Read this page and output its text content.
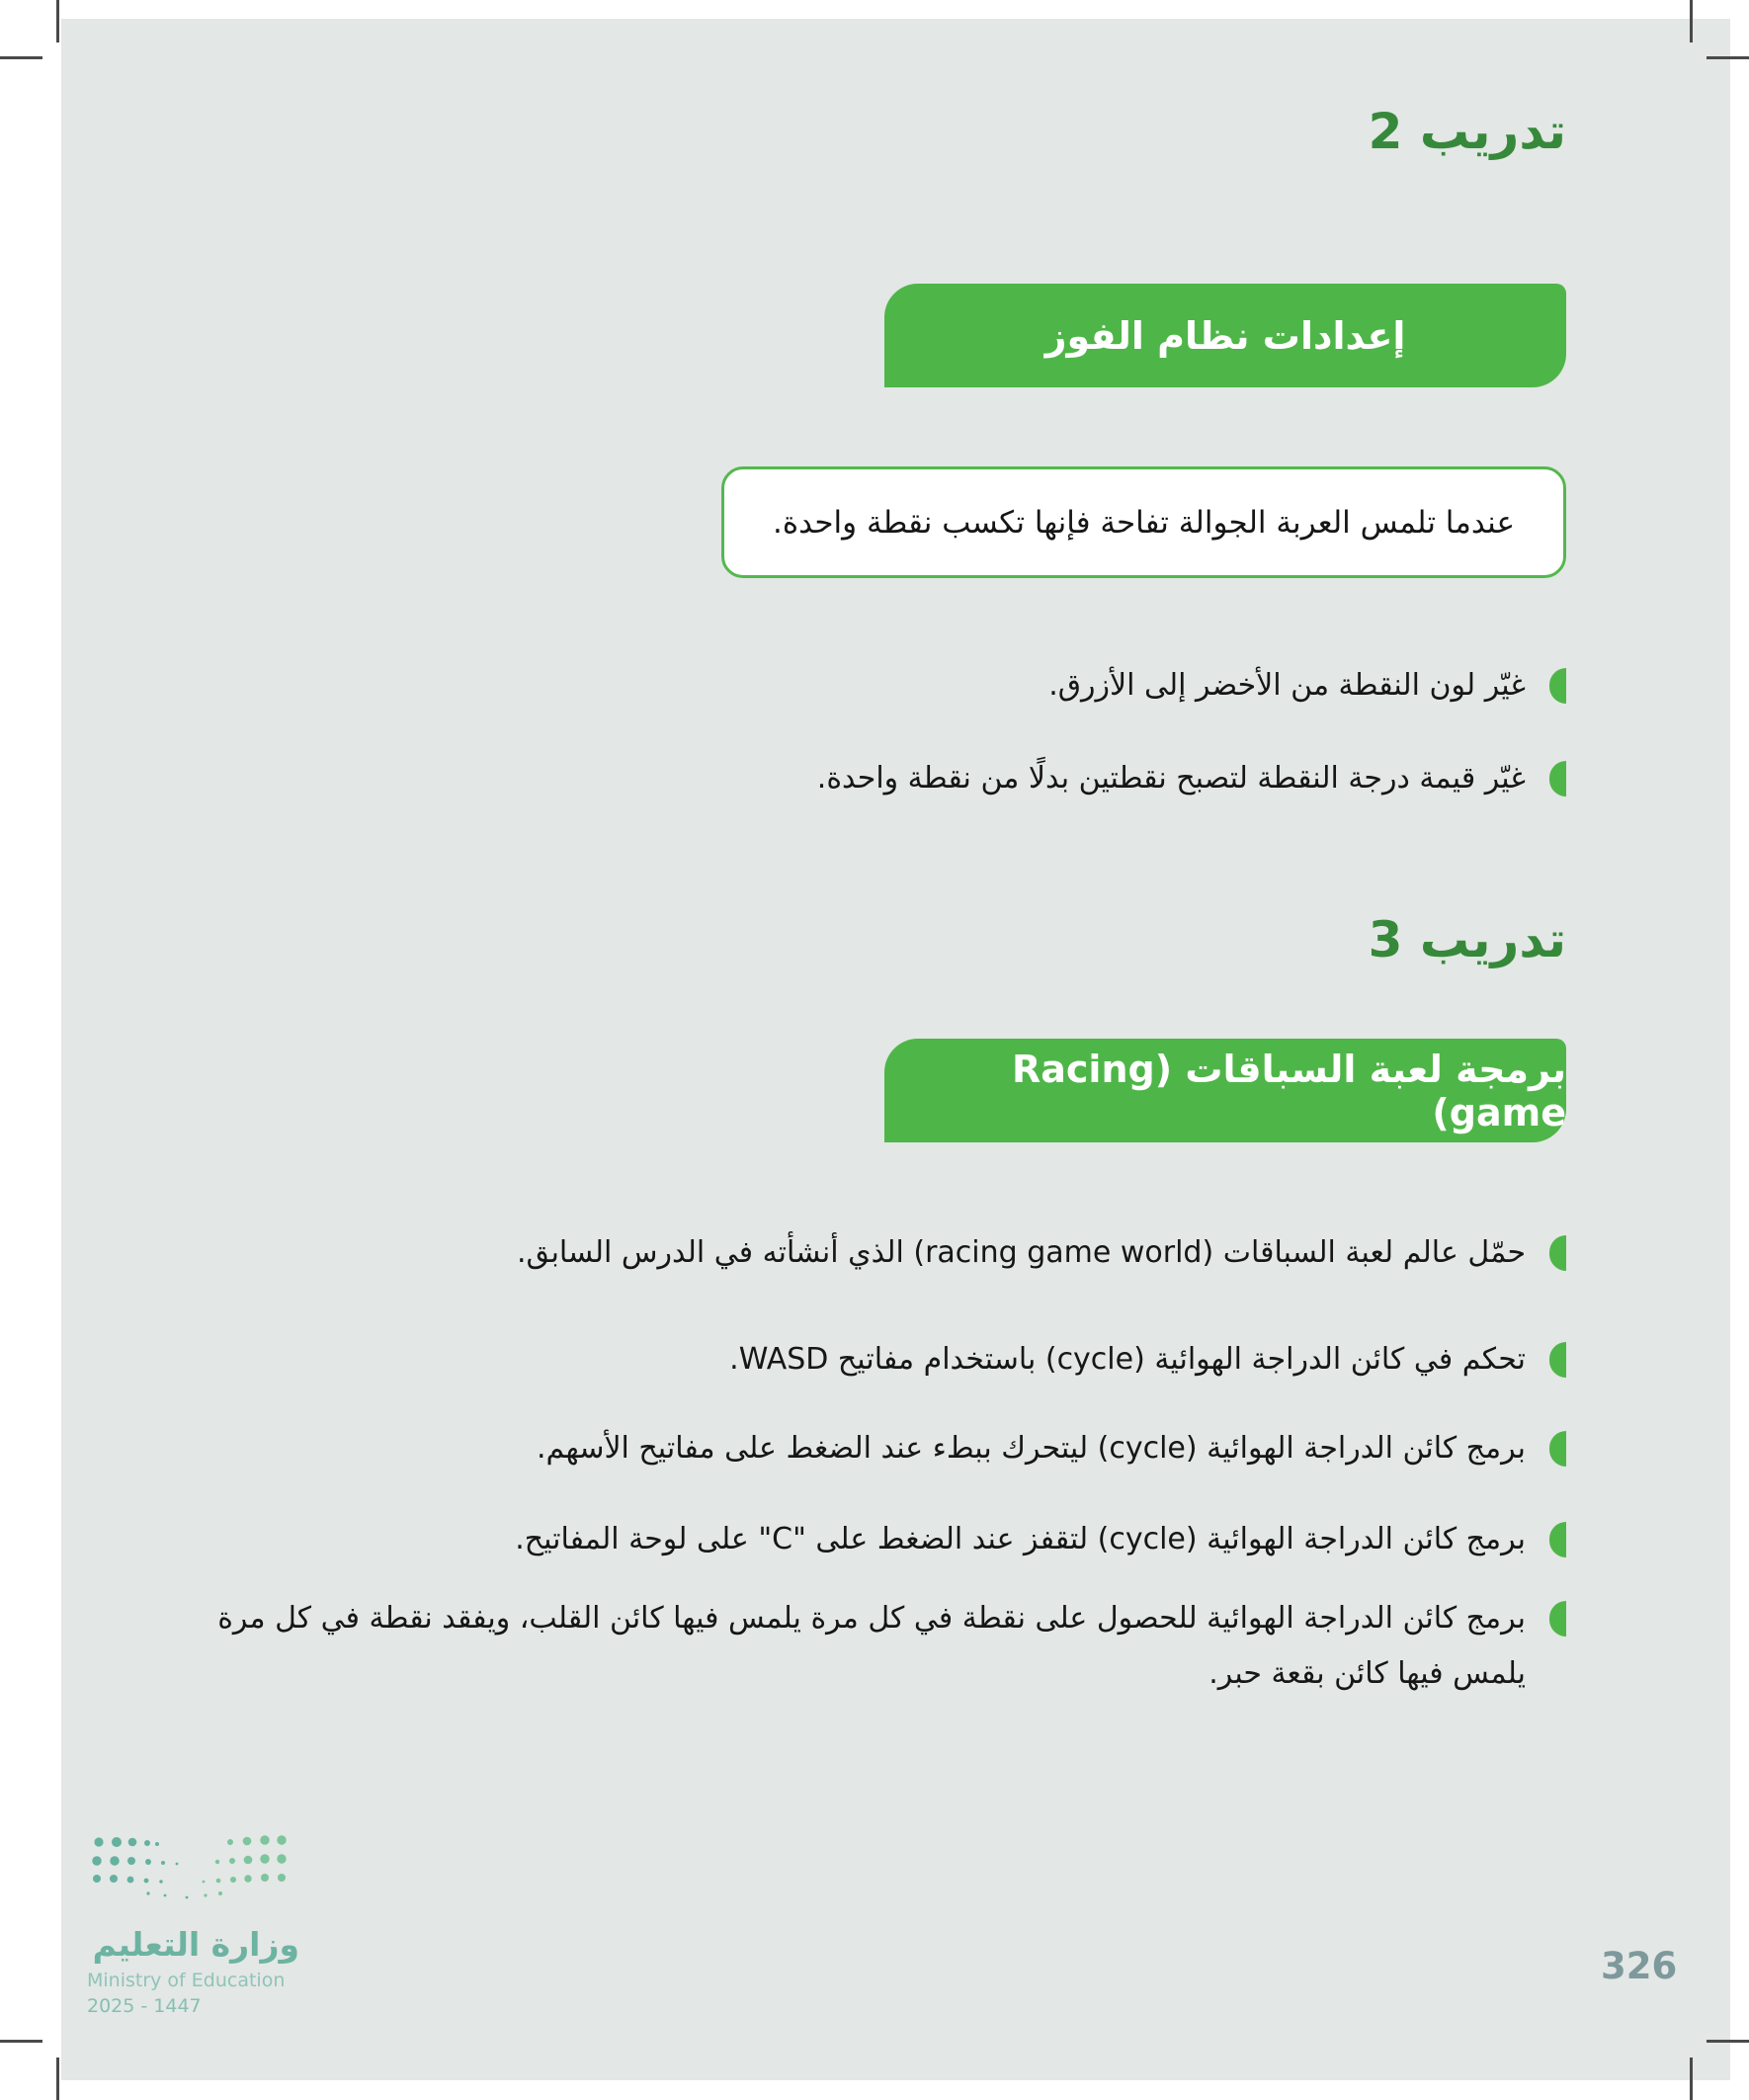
تدريب 2
إعدادات نظام الفوز

عندما تلمس العربة الجوالة تفاحة فإنها تكسب نقطة واحدة.

غيّر لون النقطة من الأخضر إلى الأزرق.
غيّر قيمة درجة النقطة لتصبح نقطتين بدلًا من نقطة واحدة.
تدريب 3
برمجة لعبة السباقات (Racing game)
حمّل عالم لعبة السباقات (racing game world) الذي أنشأته في الدرس السابق.
تحكم في كائن الدراجة الهوائية (cycle) باستخدام مفاتيح WASD.
برمج كائن الدراجة الهوائية (cycle) ليتحرك ببطء عند الضغط على مفاتيح الأسهم.
برمج كائن الدراجة الهوائية (cycle) لتقفز عند الضغط على "C" على لوحة المفاتيح.
برمج كائن الدراجة الهوائية للحصول على نقطة في كل مرة يلمس فيها كائن القلب، ويفقد نقطة في كل مرة يلمس فيها كائن بقعة حبر.
وزارة التعليم
Ministry of Education
2025 - 1447
326
